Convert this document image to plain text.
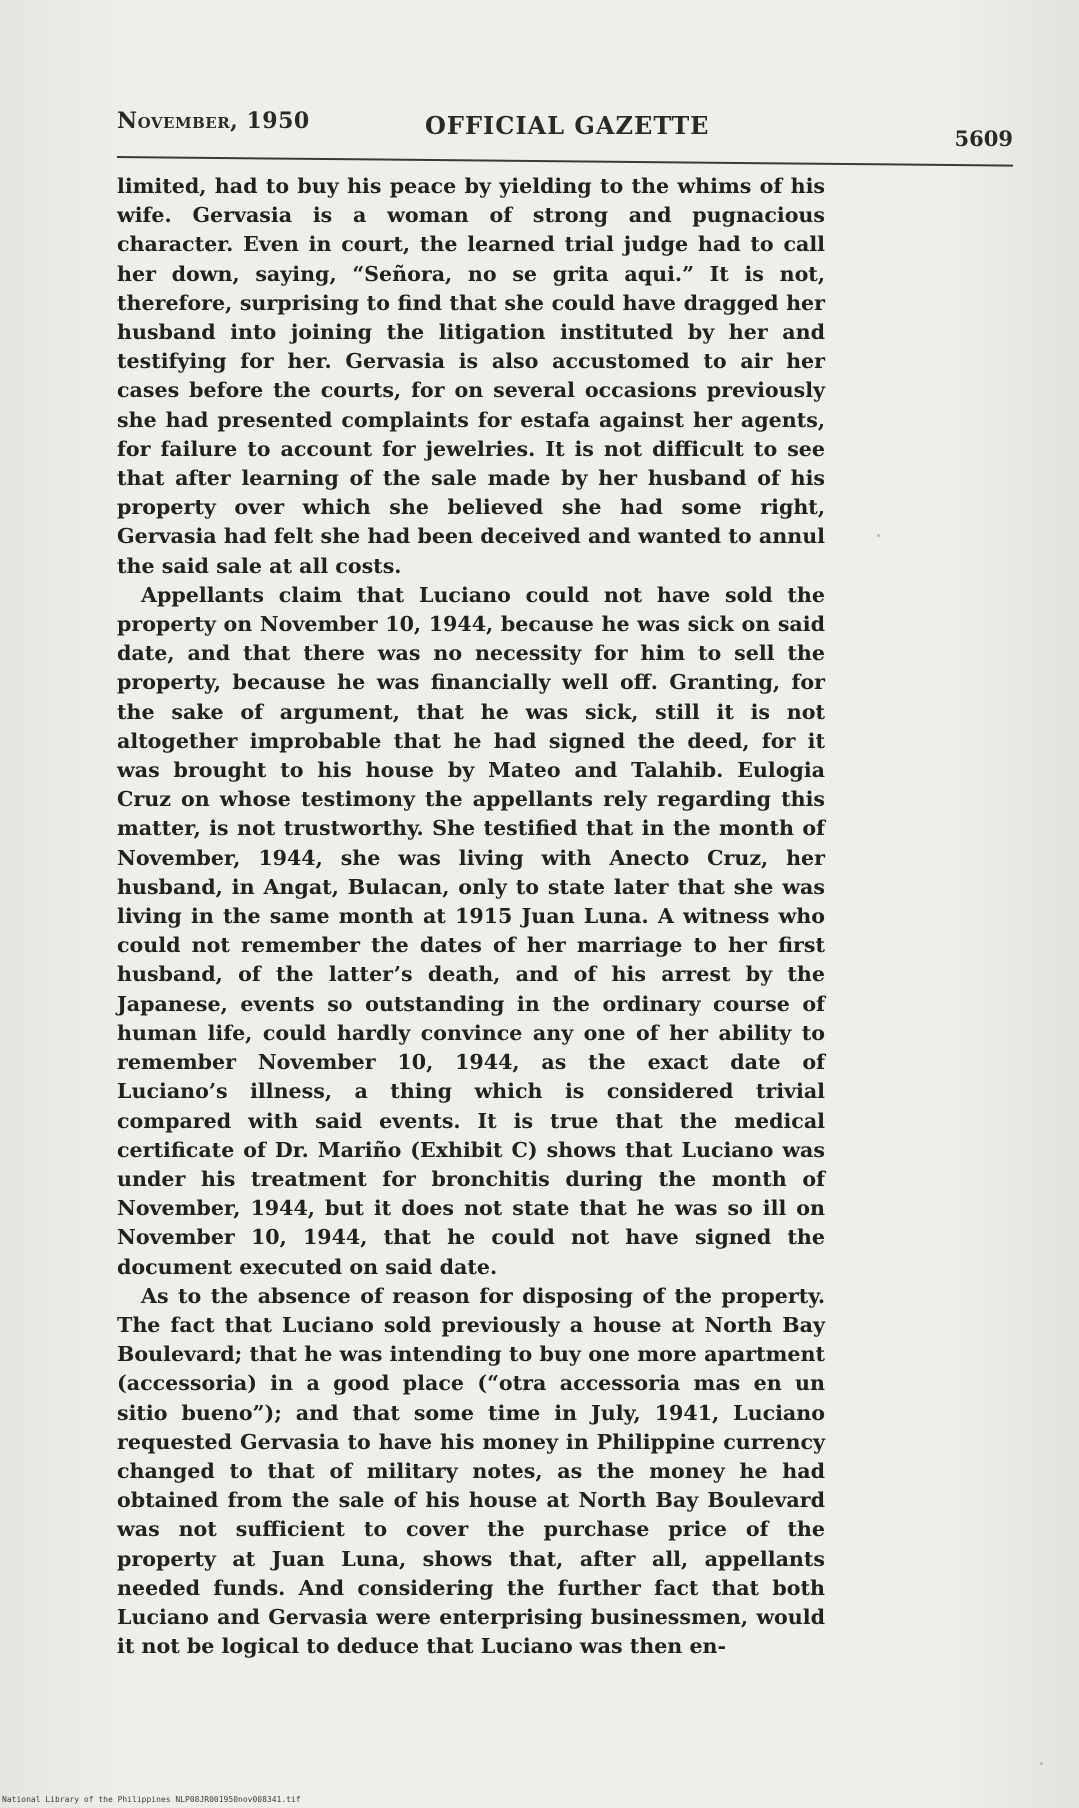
November, 1950	OFFICIAL GAZETTE	5609

limited, had to buy his peace by yielding to the whims of his wife. Gervasia is a woman of strong and pugnacious character. Even in court, the learned trial judge had to call her down, saying, “Señora, no se grita aqui.” It is not, therefore, surprising to find that she could have dragged her husband into joining the litigation instituted by her and testifying for her. Gervasia is also accustomed to air her cases before the courts, for on several occasions previously she had presented complaints for estafa against her agents, for failure to account for jewelries. It is not difficult to see that after learning of the sale made by her husband of his property over which she believed she had some right, Gervasia had felt she had been deceived and wanted to annul the said sale at all costs.

Appellants claim that Luciano could not have sold the property on November 10, 1944, because he was sick on said date, and that there was no necessity for him to sell the property, because he was financially well off. Granting, for the sake of argument, that he was sick, still it is not altogether improbable that he had signed the deed, for it was brought to his house by Mateo and Talahib. Eulogia Cruz on whose testimony the appellants rely regarding this matter, is not trustworthy. She testified that in the month of November, 1944, she was living with Anecto Cruz, her husband, in Angat, Bulacan, only to state later that she was living in the same month at 1915 Juan Luna. A witness who could not remember the dates of her marriage to her first husband, of the latter’s death, and of his arrest by the Japanese, events so outstanding in the ordinary course of human life, could hardly convince any one of her ability to remember November 10, 1944, as the exact date of Luciano’s illness, a thing which is considered trivial compared with said events. It is true that the medical certificate of Dr. Mariño (Exhibit C) shows that Luciano was under his treatment for bronchitis during the month of November, 1944, but it does not state that he was so ill on November 10, 1944, that he could not have signed the document executed on said date.

As to the absence of reason for disposing of the property. The fact that Luciano sold previously a house at North Bay Boulevard; that he was intending to buy one more apartment (accessoria) in a good place (“otra accessoria mas en un sitio bueno”); and that some time in July, 1941, Luciano requested Gervasia to have his money in Philippine currency changed to that of military notes, as the money he had obtained from the sale of his house at North Bay Boulevard was not sufficient to cover the purchase price of the property at Juan Luna, shows that, after all, appellants needed funds. And considering the further fact that both Luciano and Gervasia were enterprising businessmen, would it not be logical to deduce that Luciano was then en-

National Library of the Philippines NLP08JR001950nov008341.tif
